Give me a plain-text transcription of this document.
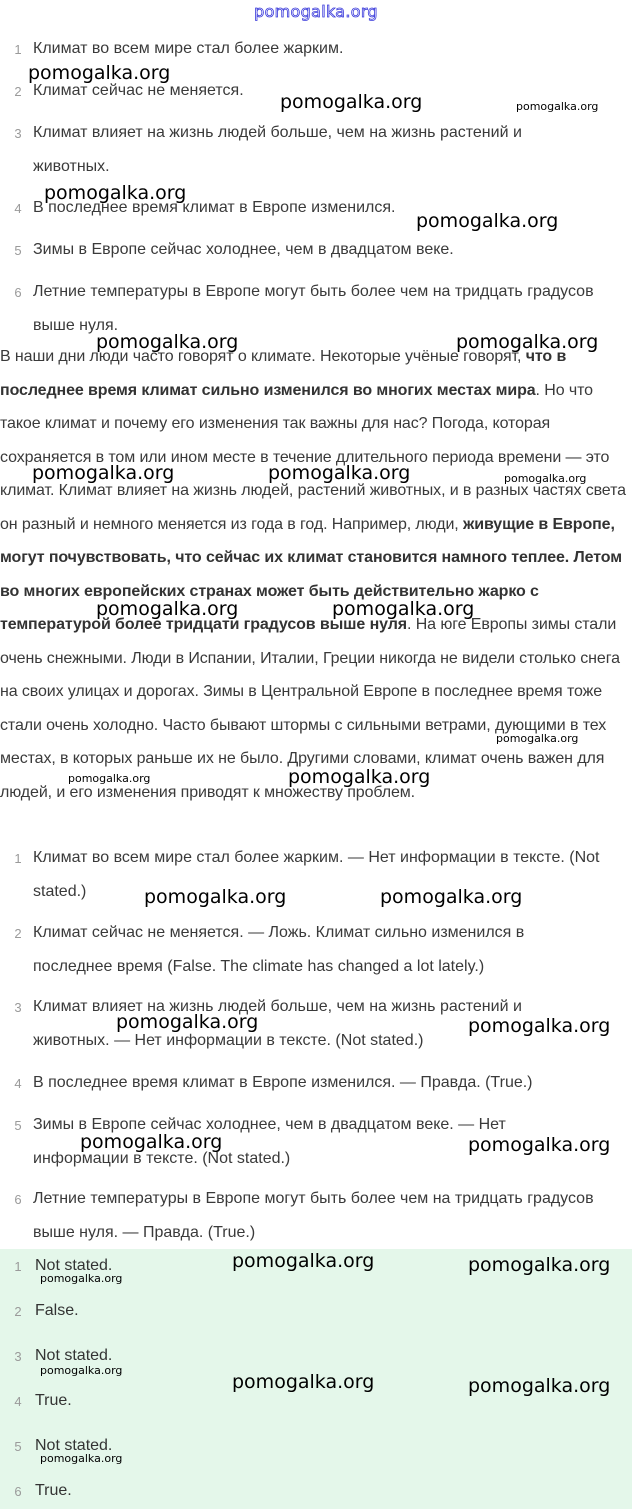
pomogalka.org
1 Климат во всем мире стал более жарким.
2 Климат сейчас не меняется.
3 Климат влияет на жизнь людей больше, чем на жизнь растений и животных.
4 В последнее время климат в Европе изменился.
5 Зимы в Европе сейчас холоднее, чем в двадцатом веке.
6 Летние температуры в Европе могут быть более чем на тридцать градусов выше нуля.
В наши дни люди часто говорят о климате. Некоторые учёные говорят, что в последнее время климат сильно изменился во многих местах мира. Но что такое климат и почему его изменения так важны для нас? Погода, которая сохраняется в том или ином месте в течение длительного периода времени — это климат. Климат влияет на жизнь людей, растений животных, и в разных частях света он разный и немного меняется из года в год. Например, люди, живущие в Европе, могут почувствовать, что сейчас их климат становится намного теплее. Летом во многих европейских странах может быть действительно жарко с температурой более тридцати градусов выше нуля. На юге Европы зимы стали очень снежными. Люди в Испании, Италии, Греции никогда не видели столько снега на своих улицах и дорогах. Зимы в Центральной Европе в последнее время тоже стали очень холодно. Часто бывают штормы с сильными ветрами, дующими в тех местах, в которых раньше их не было. Другими словами, климат очень важен для людей, и его изменения приводят к множеству проблем.
1 Климат во всем мире стал более жарким. — Нет информации в тексте. (Not stated.)
2 Климат сейчас не меняется. — Ложь. Климат сильно изменился в последнее время (False. The climate has changed a lot lately.)
3 Климат влияет на жизнь людей больше, чем на жизнь растений и животных. — Нет информации в тексте. (Not stated.)
4 В последнее время климат в Европе изменился. — Правда. (True.)
5 Зимы в Европе сейчас холоднее, чем в двадцатом веке. — Нет информации в тексте. (Not stated.)
6 Летние температуры в Европе могут быть более чем на тридцать градусов выше нуля. — Правда. (True.)
1 Not stated.
2 False.
3 Not stated.
4 True.
5 Not stated.
6 True.
pomogalka.org
pomogalka.org	pomogalka.org
pomogalka.org
pomogalka.org
pomogalka.org	pomogalka.org
pomogalka.org	pomogalka.org	pomogalka.org
pomogalka.org	pomogalka.org
pomogalka.org
pomogalka.org	pomogalka.org
pomogalka.org	pomogalka.org
pomogalka.org	pomogalka.org
pomogalka.org	pomogalka.org
pomogalka.org	pomogalka.org
pomogalka.org
pomogalka.org
pomogalka.org	pomogalka.org
pomogalka.org
